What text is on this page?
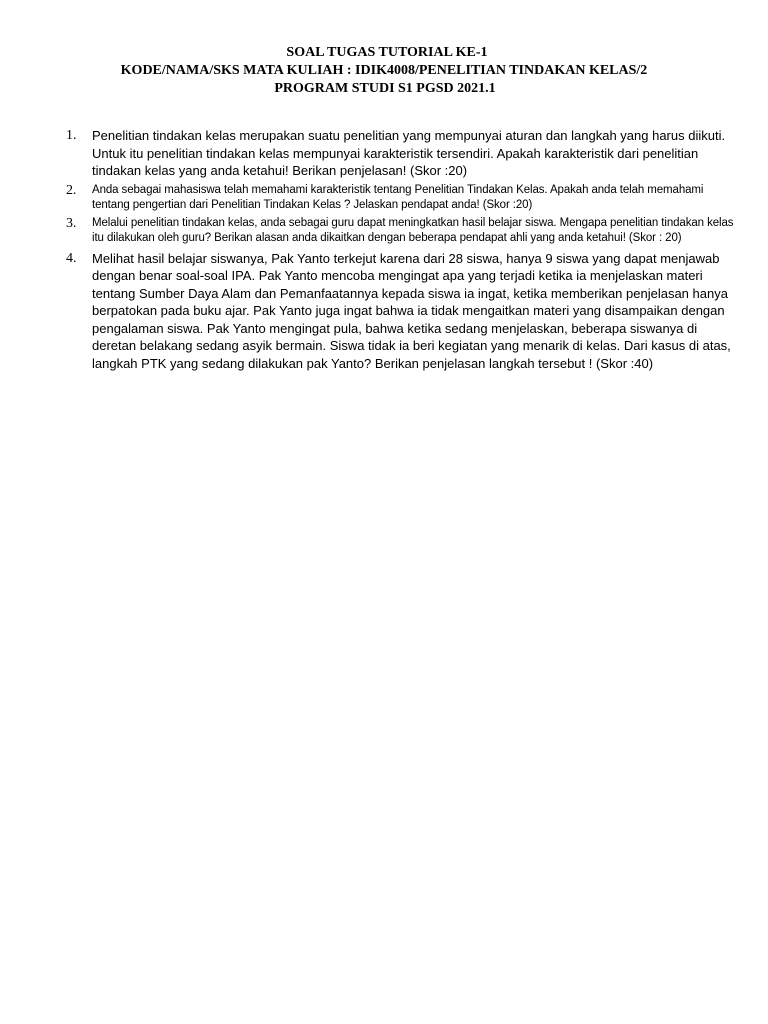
SOAL TUGAS TUTORIAL KE-1
KODE/NAMA/SKS MATA KULIAH : IDIK4008/PENELITIAN TINDAKAN KELAS/2
PROGRAM STUDI S1 PGSD 2021.1
1. Penelitian tindakan kelas merupakan suatu penelitian yang mempunyai aturan dan langkah yang harus diikuti. Untuk itu penelitian tindakan kelas mempunyai karakteristik tersendiri. Apakah karakteristik dari penelitian tindakan kelas yang anda ketahui! Berikan penjelasan! (Skor :20)
2. Anda sebagai mahasiswa telah memahami karakteristik tentang Penelitian Tindakan Kelas. Apakah anda telah memahami tentang pengertian dari Penelitian Tindakan Kelas ? Jelaskan pendapat anda! (Skor :20)
3. Melalui penelitian tindakan kelas, anda sebagai guru dapat meningkatkan hasil belajar siswa. Mengapa penelitian tindakan kelas itu dilakukan oleh guru? Berikan alasan anda dikaitkan dengan beberapa pendapat ahli yang anda ketahui! (Skor : 20)
4. Melihat hasil belajar siswanya, Pak Yanto terkejut karena dari 28 siswa, hanya 9 siswa yang dapat menjawab dengan benar soal-soal IPA. Pak Yanto mencoba mengingat apa yang terjadi ketika ia menjelaskan materi tentang Sumber Daya Alam dan Pemanfaatannya kepada siswa ia ingat, ketika memberikan penjelasan hanya berpatokan pada buku ajar. Pak Yanto juga ingat bahwa ia tidak mengaitkan materi yang disampaikan dengan pengalaman siswa. Pak Yanto mengingat pula, bahwa ketika sedang menjelaskan, beberapa siswanya di deretan belakang sedang asyik bermain. Siswa tidak ia beri kegiatan yang menarik di kelas. Dari kasus di atas, langkah PTK yang sedang dilakukan pak Yanto? Berikan penjelasan langkah tersebut ! (Skor :40)
